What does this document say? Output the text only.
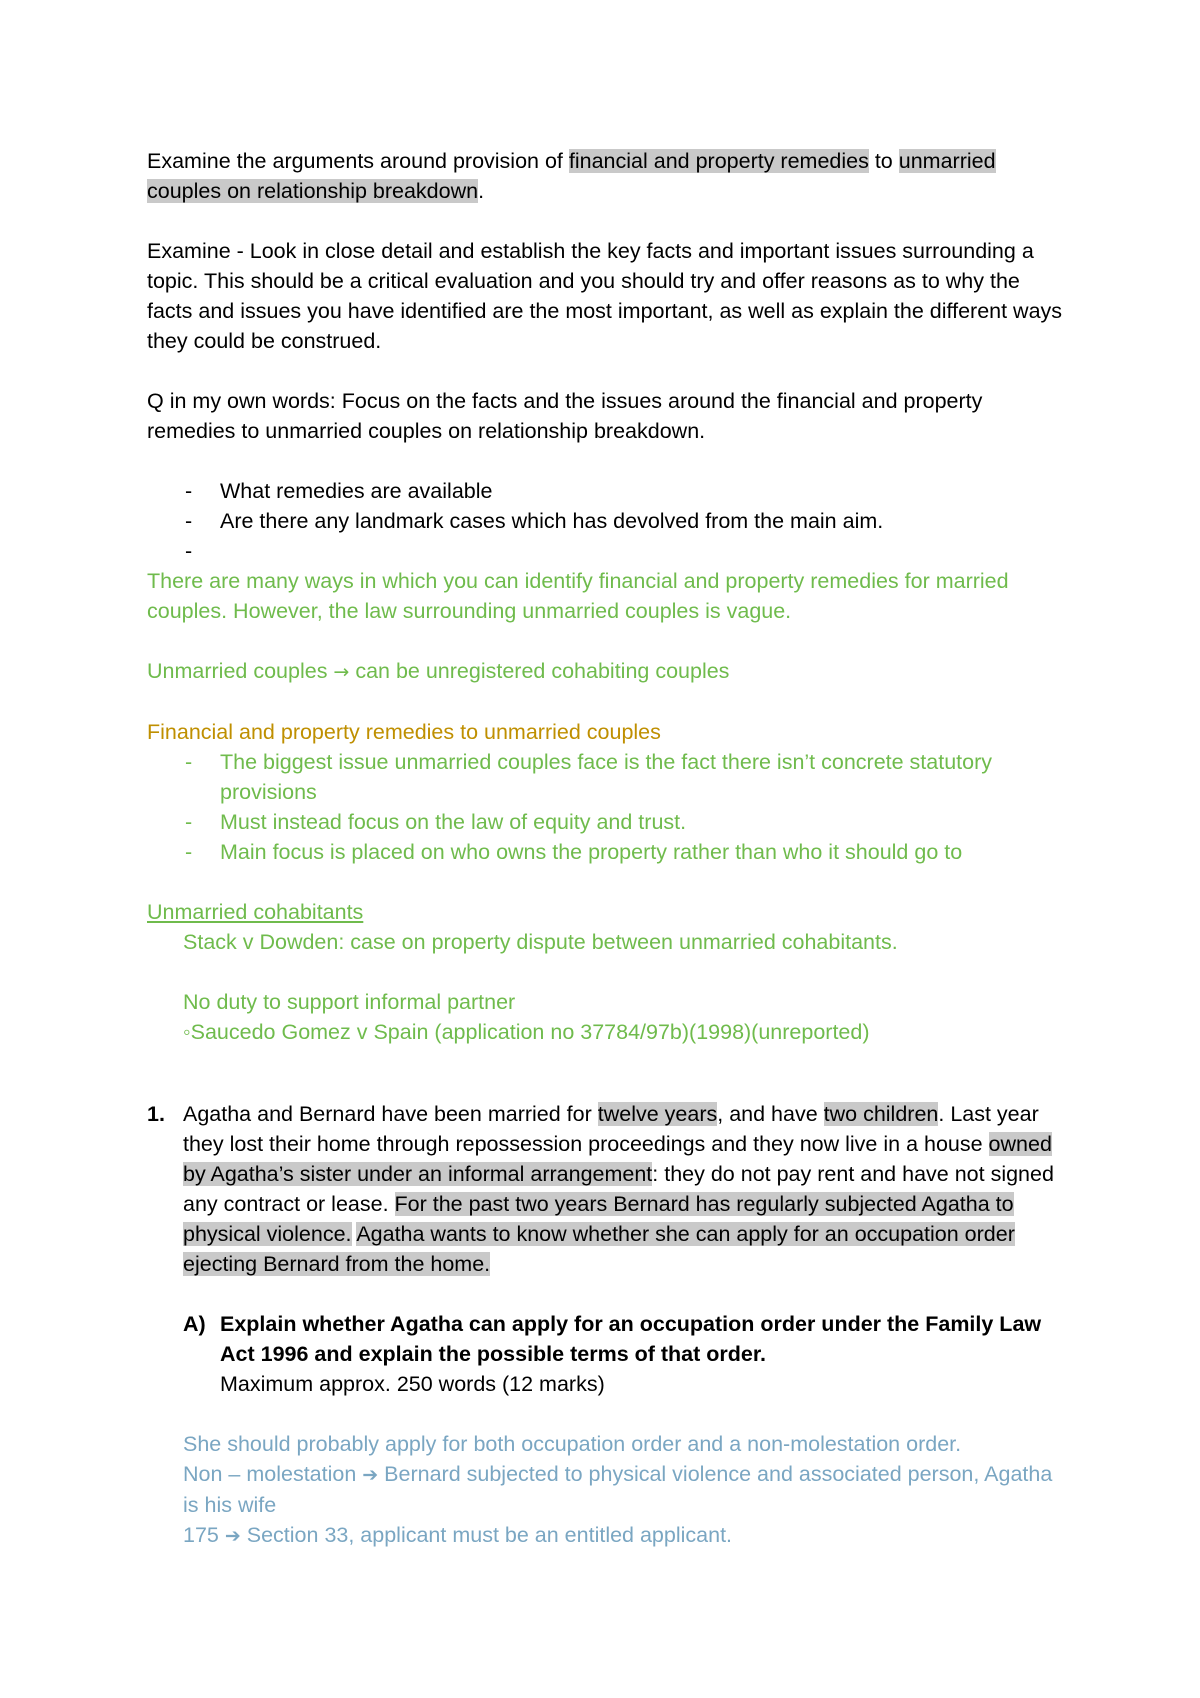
Examine the arguments around provision of financial and property remedies to unmarried couples on relationship breakdown.

Examine - Look in close detail and establish the key facts and important issues surrounding a topic. This should be a critical evaluation and you should try and offer reasons as to why the facts and issues you have identified are the most important, as well as explain the different ways they could be construed.

Q in my own words: Focus on the facts and the issues around the financial and property remedies to unmarried couples on relationship breakdown.

- What remedies are available
- Are there any landmark cases which has devolved from the main aim.
-

There are many ways in which you can identify financial and property remedies for married couples. However, the law surrounding unmarried couples is vague.

Unmarried couples → can be unregistered cohabiting couples

Financial and property remedies to unmarried couples

- The biggest issue unmarried couples face is the fact there isn’t concrete statutory provisions
- Must instead focus on the law of equity and trust.
- Main focus is placed on who owns the property rather than who it should go to

Unmarried cohabitants

Stack v Dowden: case on property dispute between unmarried cohabitants.

No duty to support informal partner

◦Saucedo Gomez v Spain (application no 37784/97b)(1998)(unreported)

1. Agatha and Bernard have been married for twelve years, and have two children. Last year they lost their home through repossession proceedings and they now live in a house owned by Agatha’s sister under an informal arrangement: they do not pay rent and have not signed any contract or lease. For the past two years Bernard has regularly subjected Agatha to physical violence. Agatha wants to know whether she can apply for an occupation order ejecting Bernard from the home.

A) Explain whether Agatha can apply for an occupation order under the Family Law Act 1996 and explain the possible terms of that order.

Maximum approx. 250 words (12 marks)

She should probably apply for both occupation order and a non-molestation order.

Non – molestation ➔ Bernard subjected to physical violence and associated person, Agatha is his wife

175 ➔ Section 33, applicant must be an entitled applicant.
